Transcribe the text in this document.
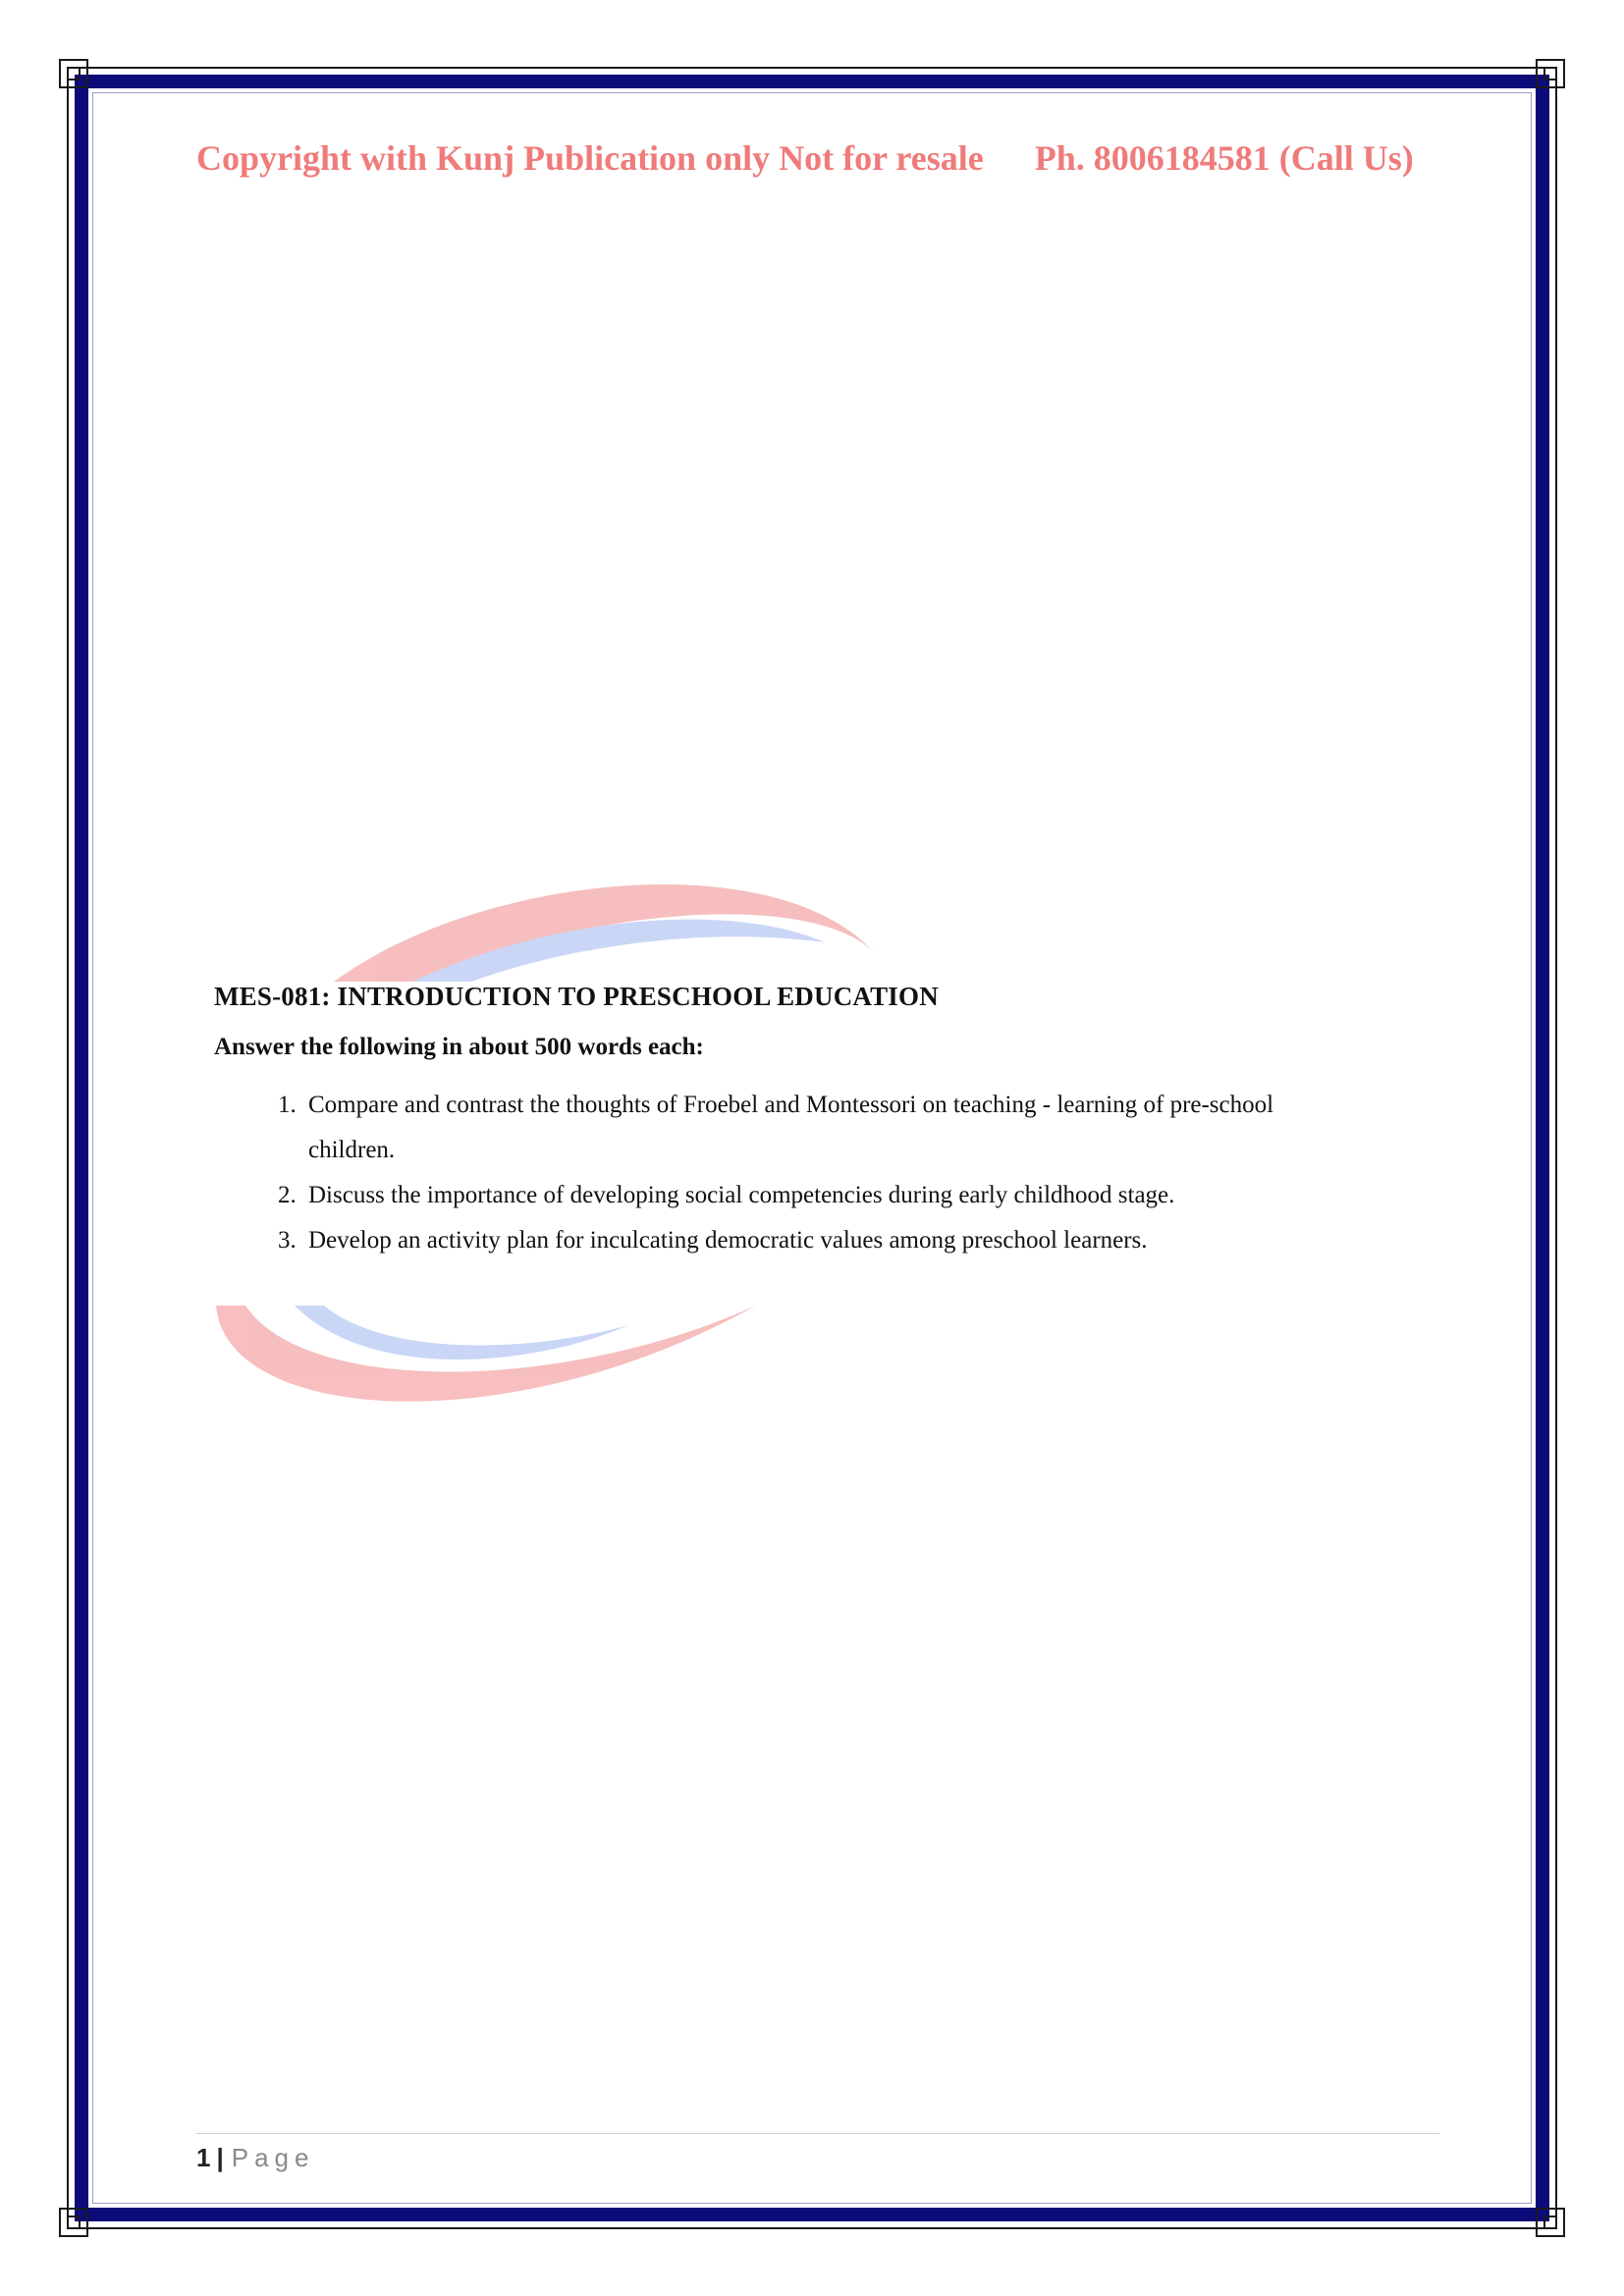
Copyright with Kunj Publication only Not for resale Ph. 8006184581 (Call Us)

MES-081: INTRODUCTION TO PRESCHOOL EDUCATION

Answer the following in about 500 words each:

1. Compare and contrast the thoughts of Froebel and Montessori on teaching - learning of pre-school children.
2. Discuss the importance of developing social competencies during early childhood stage.
3. Develop an activity plan for inculcating democratic values among preschool learners.
1 | Page
